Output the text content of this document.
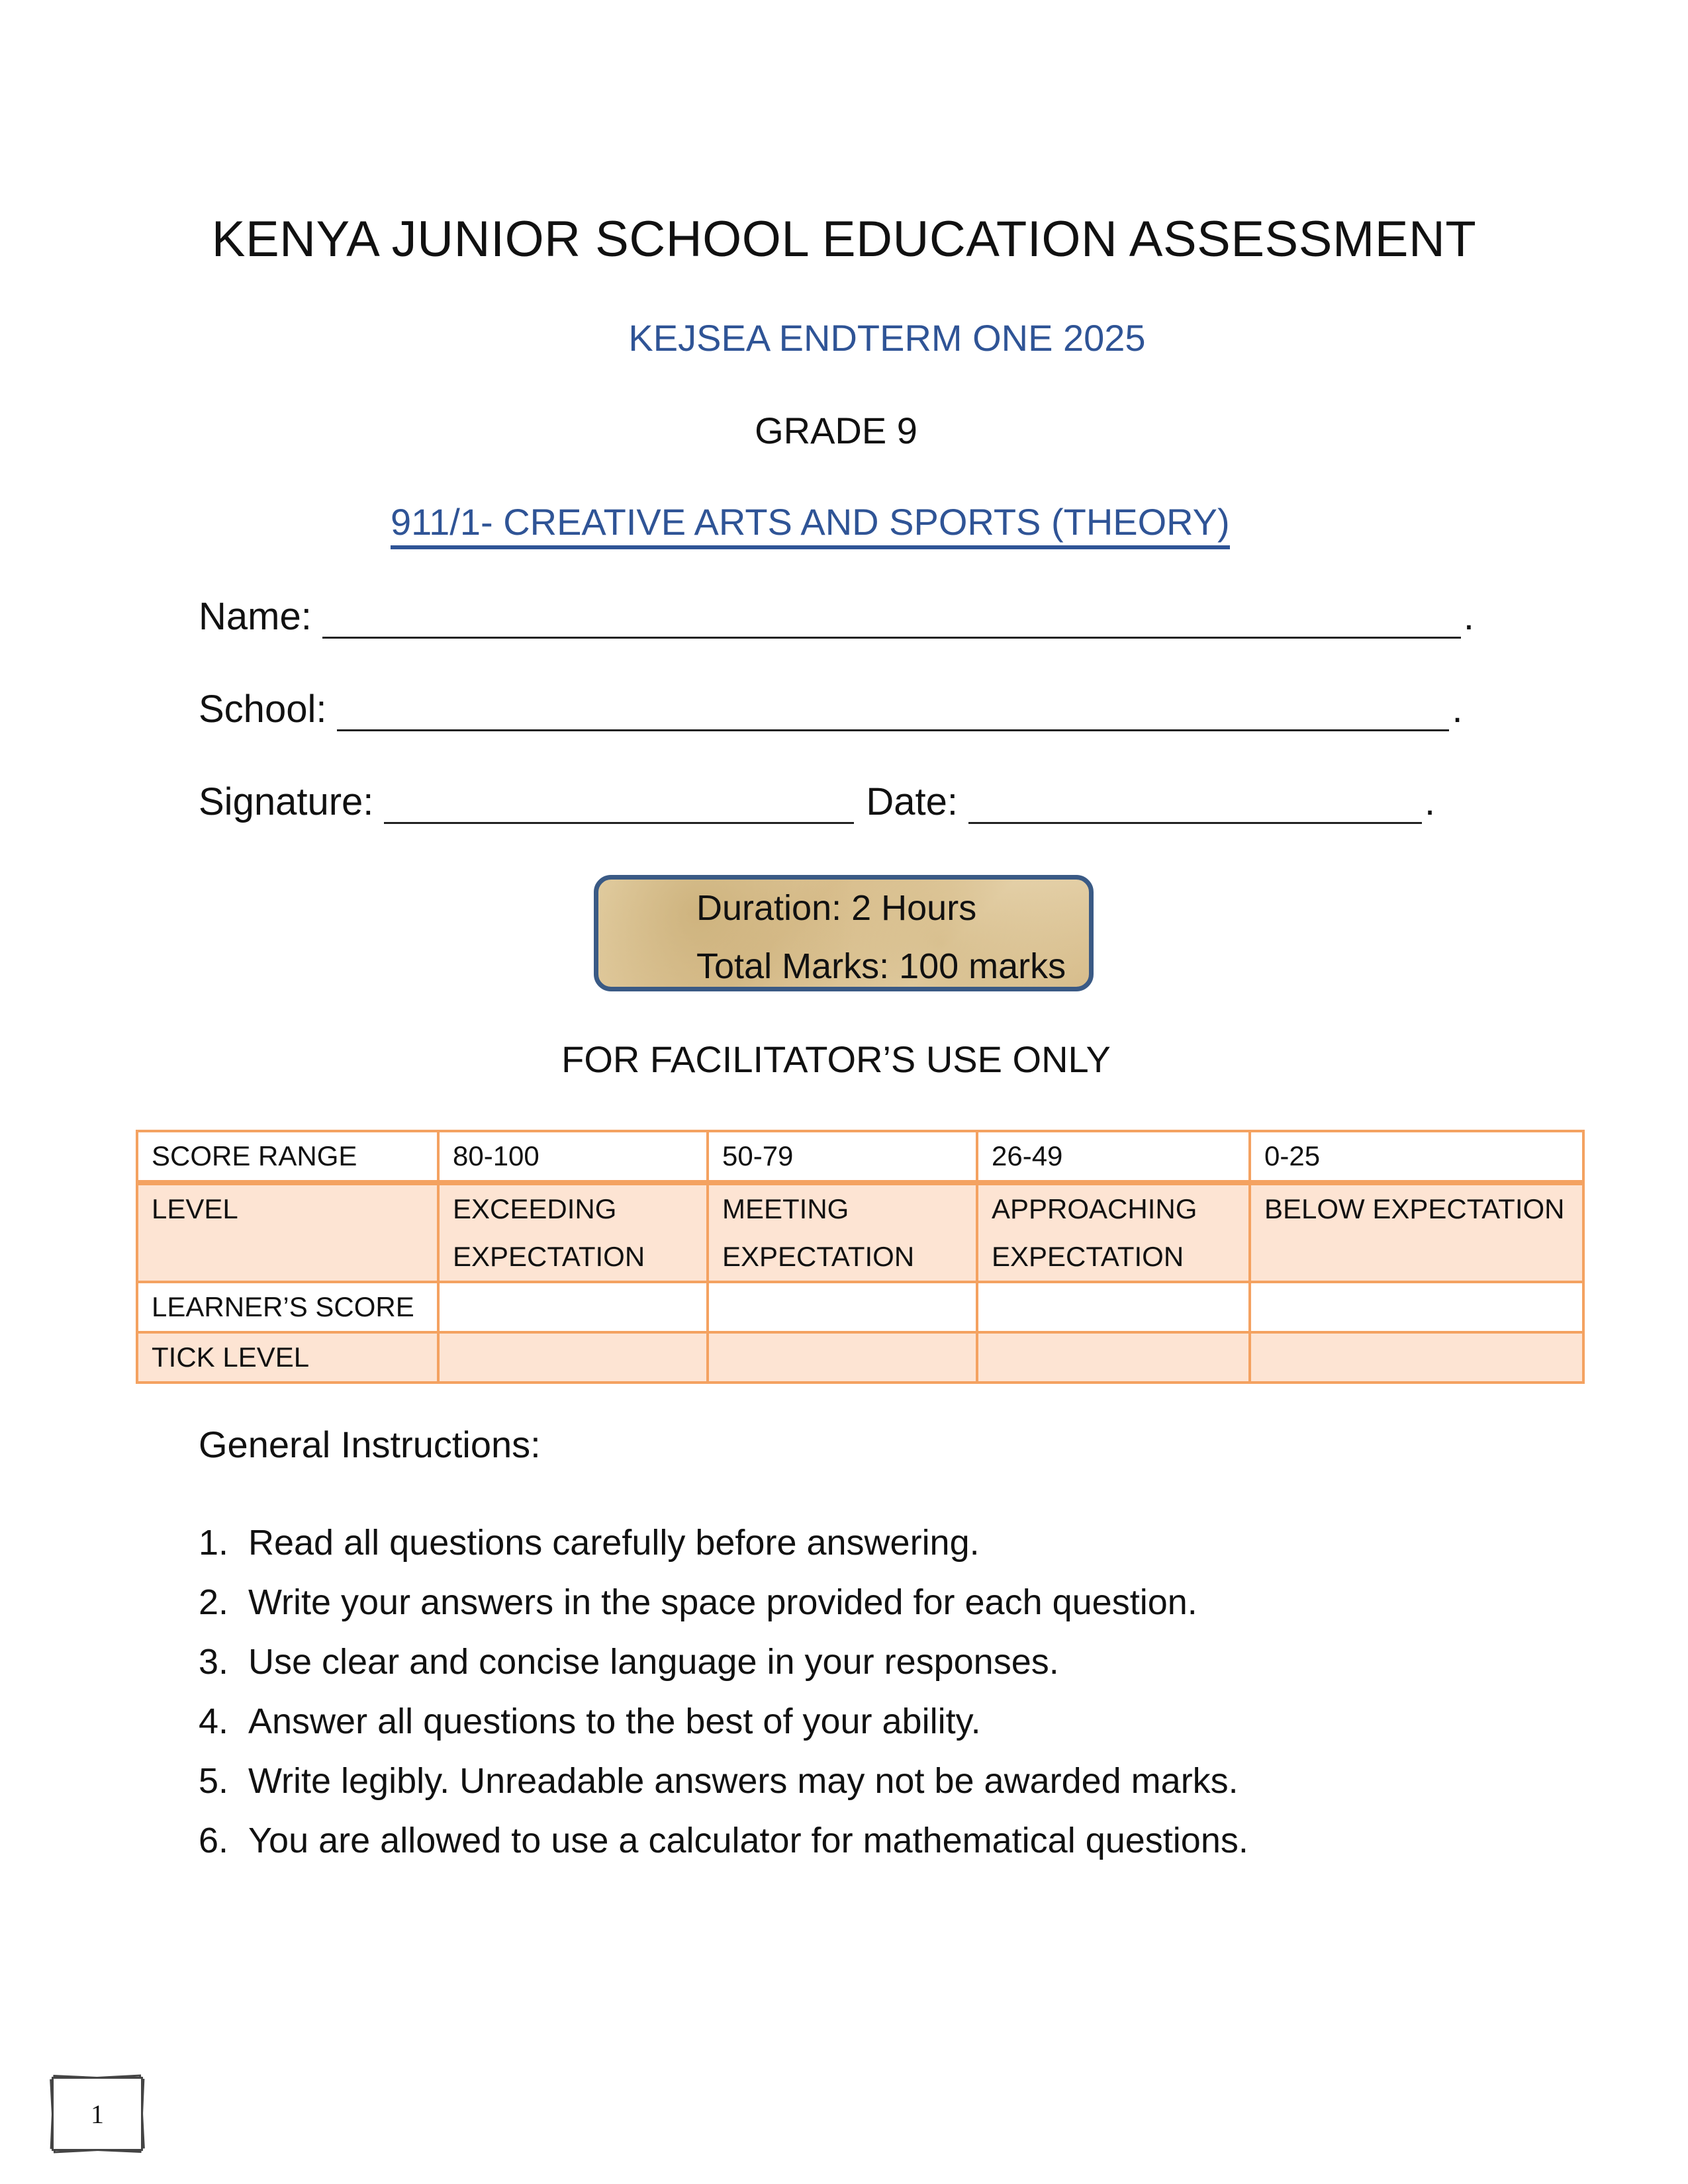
KENYA JUNIOR SCHOOL EDUCATION ASSESSMENT
KEJSEA ENDTERM ONE 2025
GRADE 9
911/1- CREATIVE ARTS AND SPORTS (THEORY)
Name:	.
School:	.
Signature:	Date:	.
Duration: 2 Hours
Total Marks: 100 marks
FOR FACILITATOR’S USE ONLY
SCORE RANGE	80-100	50-79	26-49	0-25
LEVEL	EXCEEDING EXPECTATION	MEETING EXPECTATION	APPROACHING EXPECTATION	BELOW EXPECTATION
LEARNER’S SCORE				
TICK LEVEL				
General Instructions:
1. Read all questions carefully before answering.
2. Write your answers in the space provided for each question.
3. Use clear and concise language in your responses.
4. Answer all questions to the best of your ability.
5. Write legibly. Unreadable answers may not be awarded marks.
6. You are allowed to use a calculator for mathematical questions.
1
